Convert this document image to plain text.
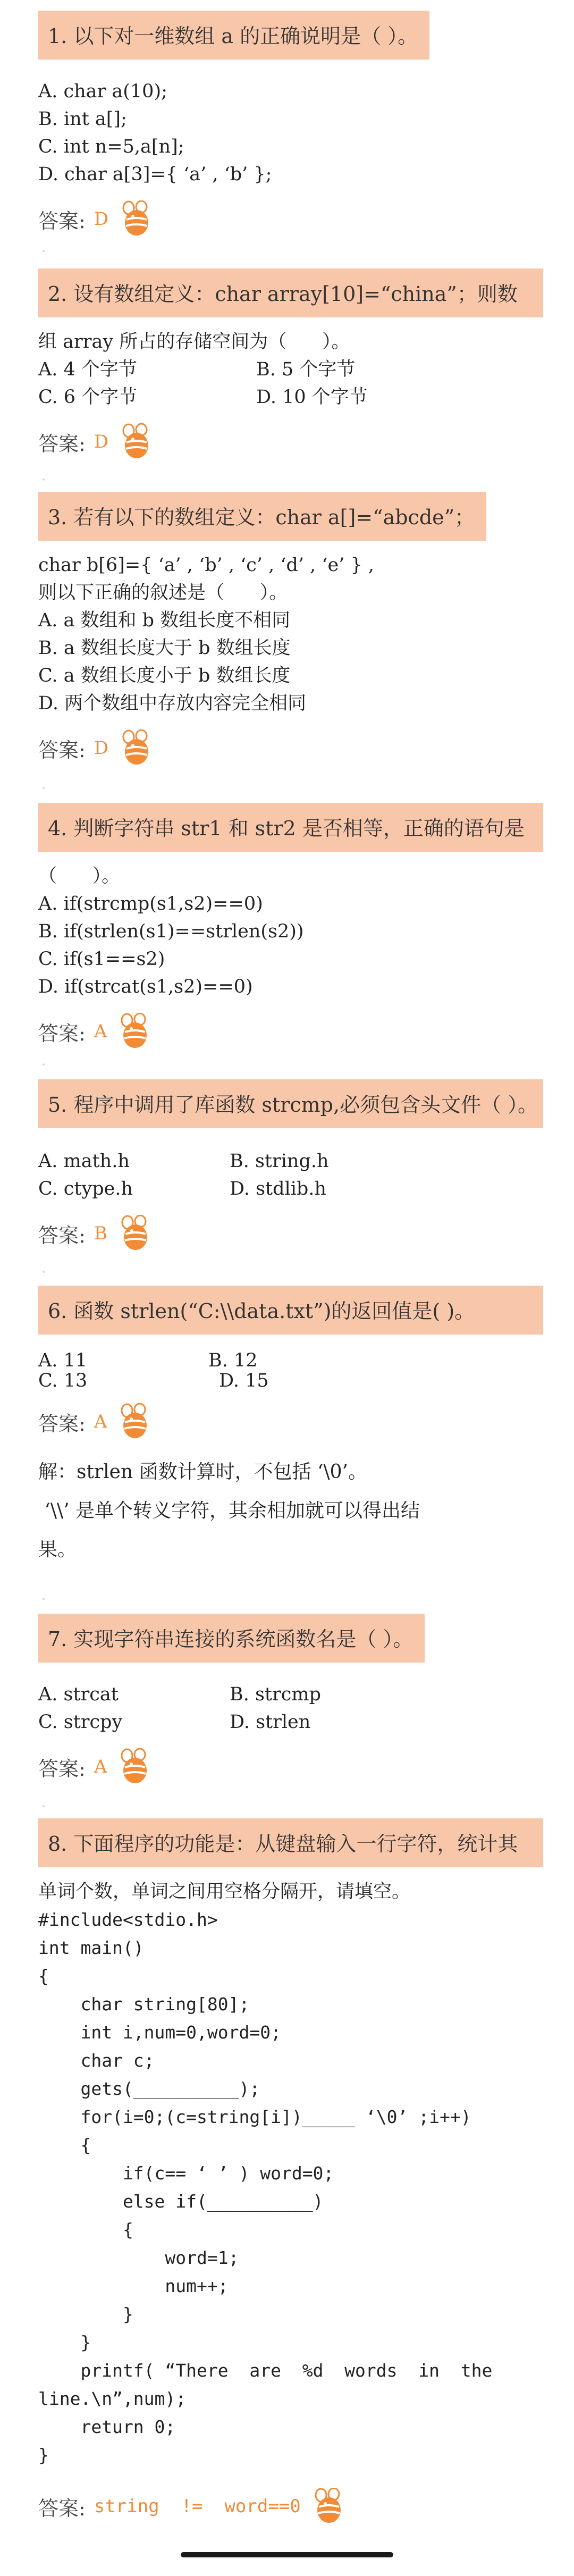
1. 以下对一维数组 a 的正确说明是（ ）。

A. char a(10);

B. int a[];

C. int n=5,a[n];

D. char a[3]={ ‘a’ , ‘b’ };

答案: D
2. 设有数组定义：char array[10]=“china”；则数

组 array 所占的存储空间为（      ）。

A. 4 个字节	B. 5 个字节
C. 6 个字节	D. 10 个字节
答案: D
3. 若有以下的数组定义：char a[]=“abcde”；

char b[6]={ ‘a’ , ‘b’ , ‘c’ , ‘d’ , ‘e’ } ,

则以下正确的叙述是（      ）。

A. a 数组和 b 数组长度不相同

B. a 数组长度大于 b 数组长度

C. a 数组长度小于 b 数组长度

D. 两个数组中存放内容完全相同

答案: D
4. 判断字符串 str1 和 str2 是否相等，正确的语句是

（      ）。

A. if(strcmp(s1,s2)==0)

B. if(strlen(s1)==strlen(s2))

C. if(s1==s2)

D. if(strcat(s1,s2)==0)

答案: A
5. 程序中调用了库函数 strcmp,必须包含头文件（ ）。
A. math.h	B. string.h
C. ctype.h	D. stdlib.h
答案: B
6. 函数 strlen(“C:\\data.txt”)的返回值是( )。
A. 11	B. 12
C. 13	D. 15
答案: A

解：strlen 函数计算时，不包括 ‘\0’。

‘\\’ 是单个转义字符，其余相加就可以得出结

果。

7. 实现字符串连接的系统函数名是（ ）。
A. strcat	B. strcmp
C. strcpy	D. strlen
答案: A
8. 下面程序的功能是：从键盘输入一行字符，统计其

单词个数，单词之间用空格分隔开，请填空。

#include<stdio.h>
int main()
{
char string[80];
int i,num=0,word=0;
char c;
gets(__________);
for(i=0;(c=string[i])_____ ‘\0’ ;i++)
{
if(c== ‘ ’ ) word=0;
else if(__________)
{
word=1;
num++;
}
}
printf( “There  are  %d  words  in  the
line.\n”,num);
return 0;
}
答案: string  !=  word==0
